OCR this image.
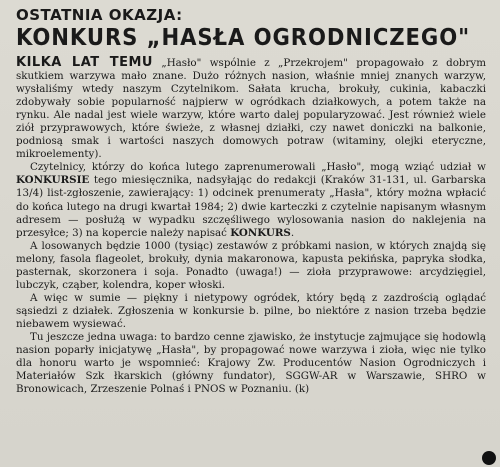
OSTATNIA OKAZJA:
KONKURS „HASŁA OGRODNICZEGO"

KILKA LAT TEMU „Hasło" wspólnie z „Przekrojem" propagowało z dobrym skutkiem warzywa mało znane. Dużo różnych nasion, właśnie mniej znanych warzyw, wysłaliśmy wtedy naszym Czytelnikom. Sałata krucha, brokuły, cukinia, kabaczki zdobywały sobie popularność najpierw w ogródkach działkowych, a potem także na rynku. Ale nadal jest wiele warzyw, które warto dalej popularyzować. Jest również wiele ziół przyprawowych, które świeże, z własnej działki, czy nawet doniczki na balkonie, podniosą smak i wartości naszych domowych potraw (witaminy, olejki eteryczne, mikroelementy).

Czytelnicy, którzy do końca lutego zaprenumerowali „Hasło", mogą wziąć udział w KONKURSIE tego miesięcznika, nadsyłając do redakcji (Kraków 31-131, ul. Garbarska 13/4) list-zgłoszenie, zawierający: 1) odcinek prenumeraty „Hasła", który można wpłacić do końca lutego na drugi kwartał 1984; 2) dwie karteczki z czytelnie napisanym własnym adresem — posłużą w wypadku szczęśliwego wylosowania nasion do naklejenia na przesyłce; 3) na kopercie należy napisać KONKURS.

A losowanych będzie 1000 (tysiąc) zestawów z próbkami nasion, w których znajdą się melony, fasola flageolet, brokuły, dynia makaronowa, kapusta pekińska, papryka słodka, pasternak, skorzonera i soja. Ponadto (uwaga!) — zioła przyprawowe: arcydzięgiel, lubczyk, cząber, kolendra, koper włoski.

A więc w sumie — piękny i nietypowy ogródek, który będą z zazdrością oglądać sąsiedzi z działek. Zgłoszenia w konkursie b. pilne, bo niektóre z nasion trzeba będzie niebawem wysiewać.

Tu jeszcze jedna uwaga: to bardzo cenne zjawisko, że instytucje zajmujące się hodowlą nasion poparły inicjatywę „Hasła", by propagować nowe warzywa i zioła, więc nie tylko dla honoru warto je wspomnieć: Krajowy Zw. Producentów Nasion Ogrodniczych i Materiałów Szk łkarskich (główny fundator), SGGW-AR w Warszawie, SHRO w Bronowicach, Zrzeszenie Polnaś i PNOS w Poznaniu. (k)
